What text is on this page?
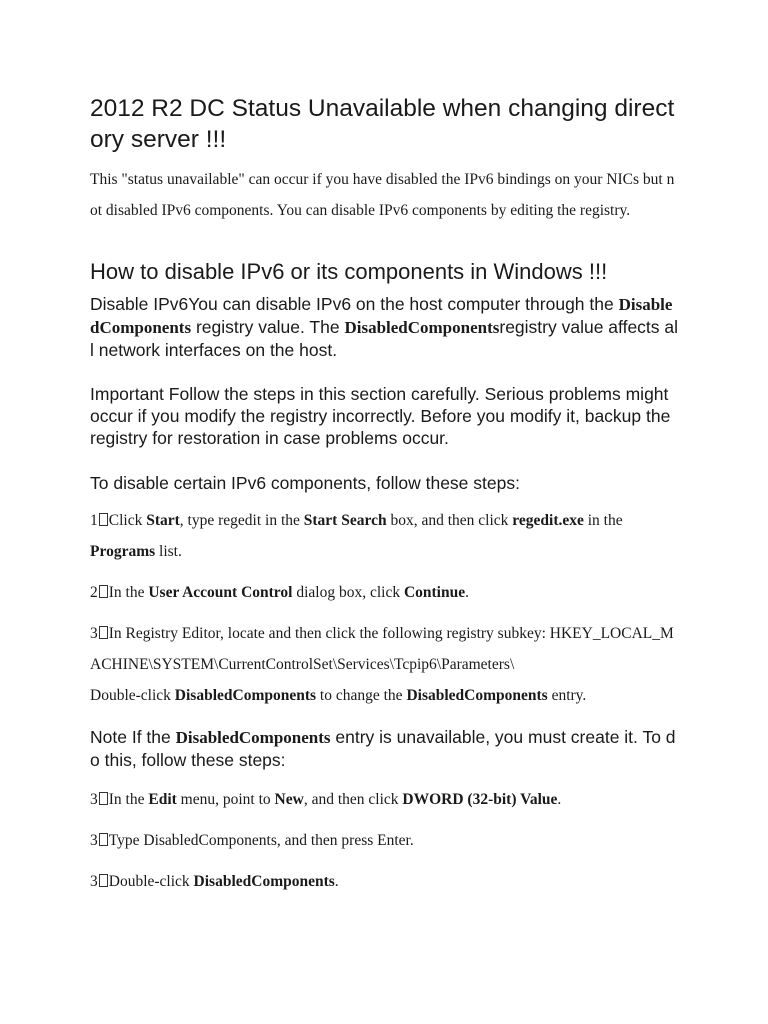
2012 R2 DC Status Unavailable when changing directory server !!!

This "status unavailable" can occur if you have disabled the IPv6 bindings on your NICs but not disabled IPv6 components. You can disable IPv6 components by editing the registry.

How to disable IPv6 or its components in Windows !!!

Disable IPv6You can disable IPv6 on the host computer through the DisabledComponents registry value. The DisabledComponentsregistry value affects all network interfaces on the host.

Important Follow the steps in this section carefully. Serious problems might occur if you modify the registry incorrectly. Before you modify it, backup the registry for restoration in case problems occur.

To disable certain IPv6 components, follow these steps:

1 Click Start, type regedit in the Start Search box, and then click regedit.exe in the
Programs list.

2 In the User Account Control dialog box, click Continue.

3 In Registry Editor, locate and then click the following registry subkey: HKEY_LOCAL_MACHINE\SYSTEM\CurrentControlSet\Services\Tcpip6\Parameters\
Double-click DisabledComponents to change the DisabledComponents entry.

Note If the DisabledComponents entry is unavailable, you must create it. To do this, follow these steps:

3 In the Edit menu, point to New, and then click DWORD (32-bit) Value.

3 Type DisabledComponents, and then press Enter.

3 Double-click DisabledComponents.
